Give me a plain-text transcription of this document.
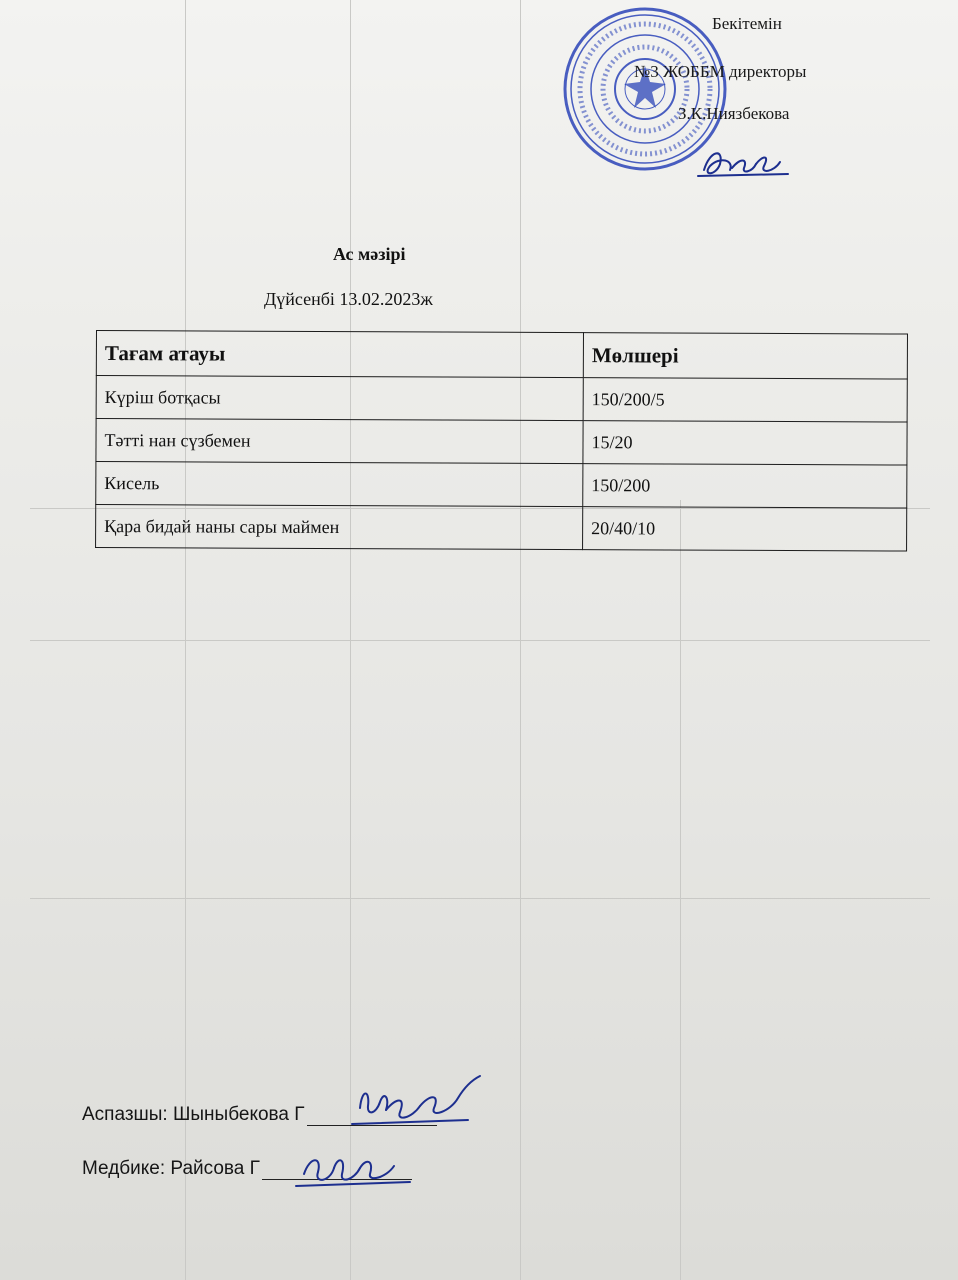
Бекітемін
№3 ЖОББМ директоры
З.К.Ниязбекова
Ас мәзірі
Дүйсенбі 13.02.2023ж
Тағам атауы	Мөлшері
Күріш ботқасы	150/200/5
Тәтті нан сүзбемен	15/20
Кисель	150/200
Қара бидай наны сары маймен	20/40/10
Аспазшы: Шыныбекова Г
Медбике: Райсова Г
